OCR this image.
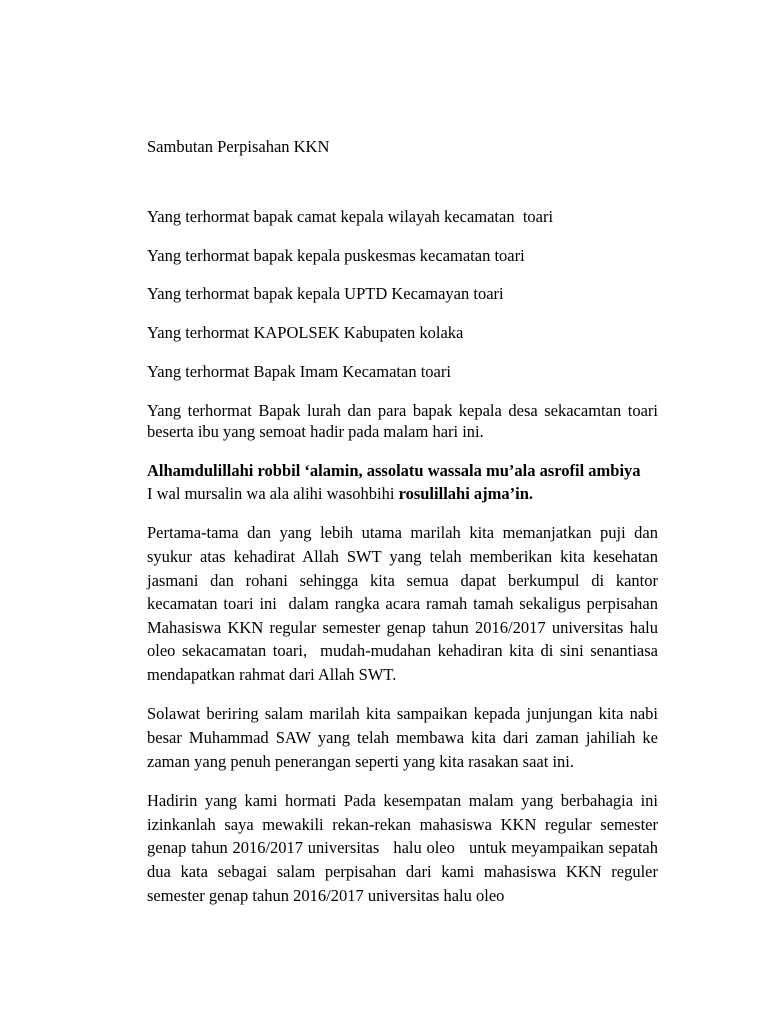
Sambutan Perpisahan KKN

Yang terhormat bapak camat kepala wilayah kecamatan  toari

Yang terhormat bapak kepala puskesmas kecamatan toari

Yang terhormat bapak kepala UPTD Kecamayan toari

Yang terhormat KAPOLSEK Kabupaten kolaka

Yang terhormat Bapak Imam Kecamatan toari

Yang terhormat Bapak lurah dan para bapak kepala desa sekacamtan toari beserta ibu yang semoat hadir pada malam hari ini.

Alhamdulillahi robbil ‘alamin, assolatu wassala mu’ala asrofil ambiya
I wal mursalin wa ala alihi wasohbihi rosulillahi ajma’in.

Pertama-tama dan yang lebih utama marilah kita memanjatkan puji dan syukur atas kehadirat Allah SWT yang telah memberikan kita kesehatan jasmani dan rohani sehingga kita semua dapat berkumpul di kantor kecamatan toari ini  dalam rangka acara ramah tamah sekaligus perpisahan  Mahasiswa KKN regular semester genap tahun 2016/2017 universitas halu oleo sekacamatan toari,  mudah-mudahan kehadiran kita di sini senantiasa mendapatkan rahmat dari Allah SWT.

Solawat beriring salam marilah kita sampaikan kepada junjungan kita nabi besar Muhammad SAW yang telah membawa kita dari zaman jahiliah ke zaman yang penuh penerangan seperti yang kita rasakan saat ini.

Hadirin yang kami hormati Pada kesempatan malam yang berbahagia ini izinkanlah saya mewakili rekan-rekan mahasiswa KKN regular semester genap tahun 2016/2017 universitas   halu oleo   untuk meyampaikan sepatah dua kata sebagai salam perpisahan dari kami mahasiswa KKN reguler semester genap tahun 2016/2017 universitas halu oleo
